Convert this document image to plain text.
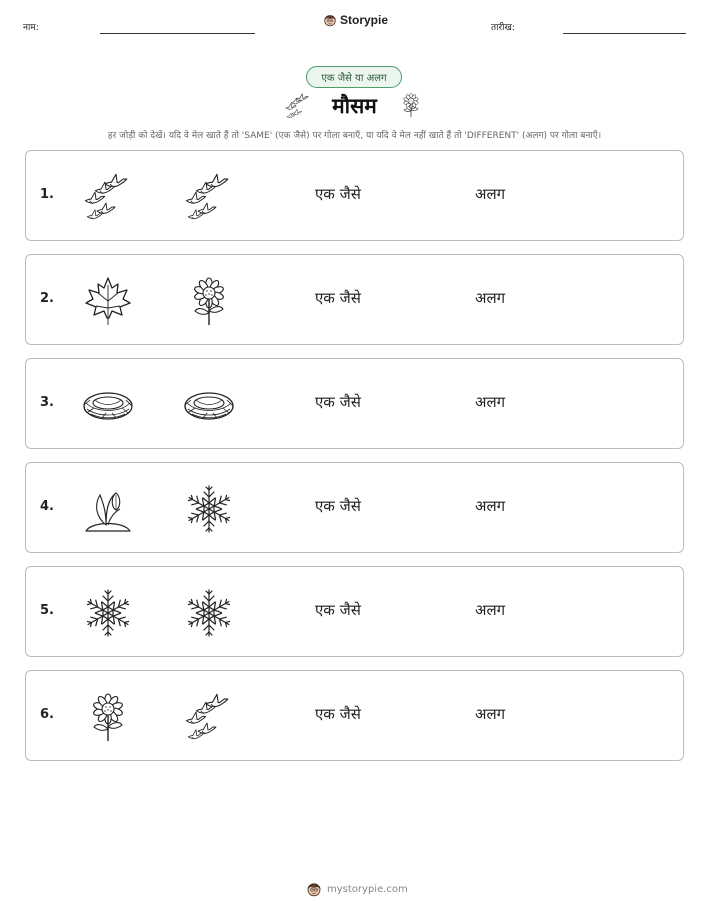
नाम:
Storypie
तारीख:
एक जैसे या अलग
मौसम
हर जोड़ी को देखें। यदि वे मेल खाते हैं तो 'SAME' (एक जैसे) पर गोला बनाएँ, या यदि वे मेल नहीं खाते हैं तो 'DIFFERENT' (अलग) पर गोला बनाएँ।
1.	एक जैसे	अलग
2.	एक जैसे	अलग
3.	एक जैसे	अलग
4.	एक जैसे	अलग
5.	एक जैसे	अलग
6.	एक जैसे	अलग
mystorypie.com
